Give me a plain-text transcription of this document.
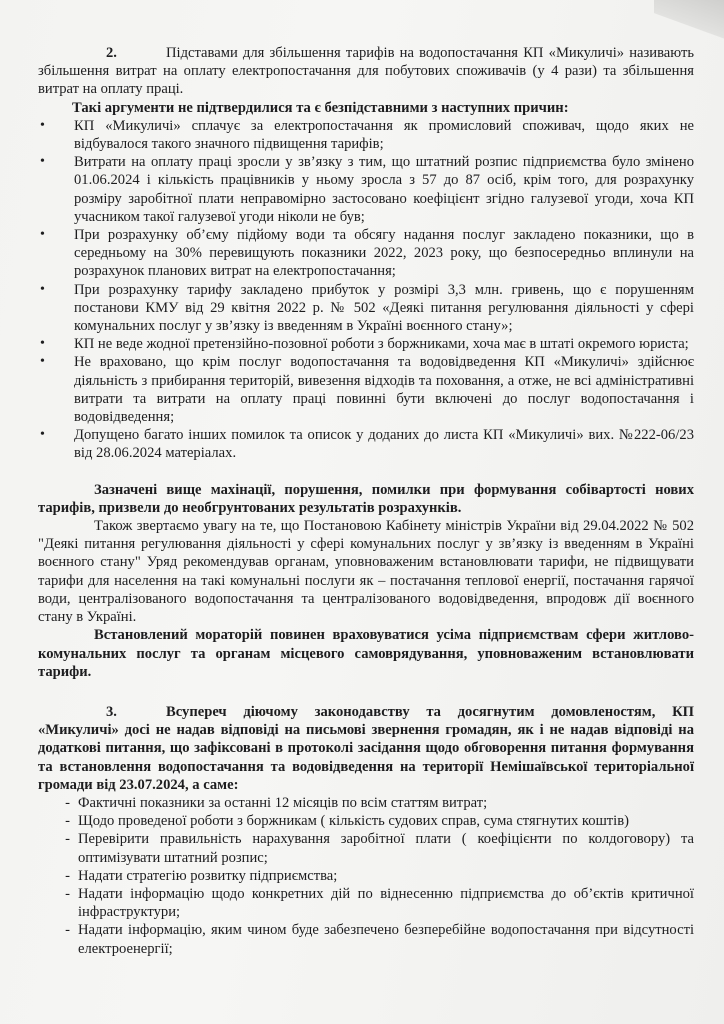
2.	Підставами для збільшення тарифів на водопостачання КП «Микуличі» називають збільшення витрат на оплату електропостачання для побутових споживачів (у 4 рази) та збільшення витрат на оплату праці.

Такі аргументи не підтвердилися та є безпідставними з наступних причин:

•	КП «Микуличі» сплачує за електропостачання як промисловий споживач, щодо яких не відбувалося такого значного підвищення тарифів;

•	Витрати на оплату праці зросли у зв’язку з тим, що штатний розпис підприємства було змінено 01.06.2024 і кількість працівників у ньому зросла з 57 до 87 осіб, крім того, для розрахунку розміру заробітної плати неправомірно застосовано коефіцієнт згідно галузевої угоди, хоча КП учасником такої галузевої угоди ніколи не був;

•	При розрахунку об’єму підйому води та обсягу надання послуг закладено показники, що в середньому на 30% перевищують показники 2022, 2023 року, що безпосередньо вплинули на розрахунок планових витрат на електропостачання;

•	При розрахунку тарифу закладено прибуток у розмірі 3,3 млн. гривень, що є порушенням постанови КМУ від 29 квітня 2022 р. № 502 «Деякі питання регулювання діяльності у сфері комунальних послуг у зв’язку із введенням в Україні воєнного стану»;

•	КП не веде жодної претензійно-позовної роботи з боржниками, хоча має в штаті окремого юриста;

•	Не враховано, що крім послуг водопостачання та водовідведення КП «Микуличі» здійснює діяльність з прибирання територій, вивезення відходів та поховання, а отже, не всі адміністративні витрати та витрати на оплату праці повинні бути включені до послуг водопостачання і водовідведення;

•	Допущено багато інших помилок та описок у доданих до листа КП «Микуличі» вих. №222-06/23 від 28.06.2024 матеріалах.

Зазначені вище махінації, порушення, помилки при формування собівартості нових тарифів, призвели до необгрунтованих результатів розрахунків.

Також звертаємо увагу на те, що Постановою Кабінету міністрів України від 29.04.2022 № 502 "Деякі питання регулювання діяльності у сфері комунальних послуг у зв’язку із введенням в Україні воєнного стану" Уряд рекомендував органам, уповноваженим встановлювати тарифи, не підвищувати тарифи для населення на такі комунальні послуги як – постачання теплової енергії, постачання гарячої води, централізованого водопостачання та централізованого водовідведення, впродовж дії воєнного стану в Україні.

Встановлений мораторій повинен враховуватися усіма підприємствам сфери житлово-комунальних послуг та органам місцевого самоврядування, уповноваженим встановлювати тарифи.

3.	Всупереч діючому законодавству та досягнутим домовленостям, КП «Микуличі» досі не надав відповіді на письмові звернення громадян, як і не надав відповіді на додаткові питання, що зафіксовані в протоколі засідання щодо обговорення питання формування та встановлення водопостачання та водовідведення на території Немішаївської територіальної громади від 23.07.2024, а саме:

- Фактичні показники за останні 12 місяців по всім статтям витрат;

- Щодо проведеної роботи з боржникам ( кількість судових справ, сума стягнутих коштів)

- Перевірити правильність нарахування заробітної плати ( коефіцієнти по колдоговору) та оптимізувати штатний розпис;

- Надати стратегію розвитку підприємства;

- Надати інформацію щодо конкретних дій по віднесенню підприємства до об’єктів критичної інфраструктури;

- Надати інформацію, яким чином буде забезпечено безперебійне водопостачання при відсутності електроенергії;
